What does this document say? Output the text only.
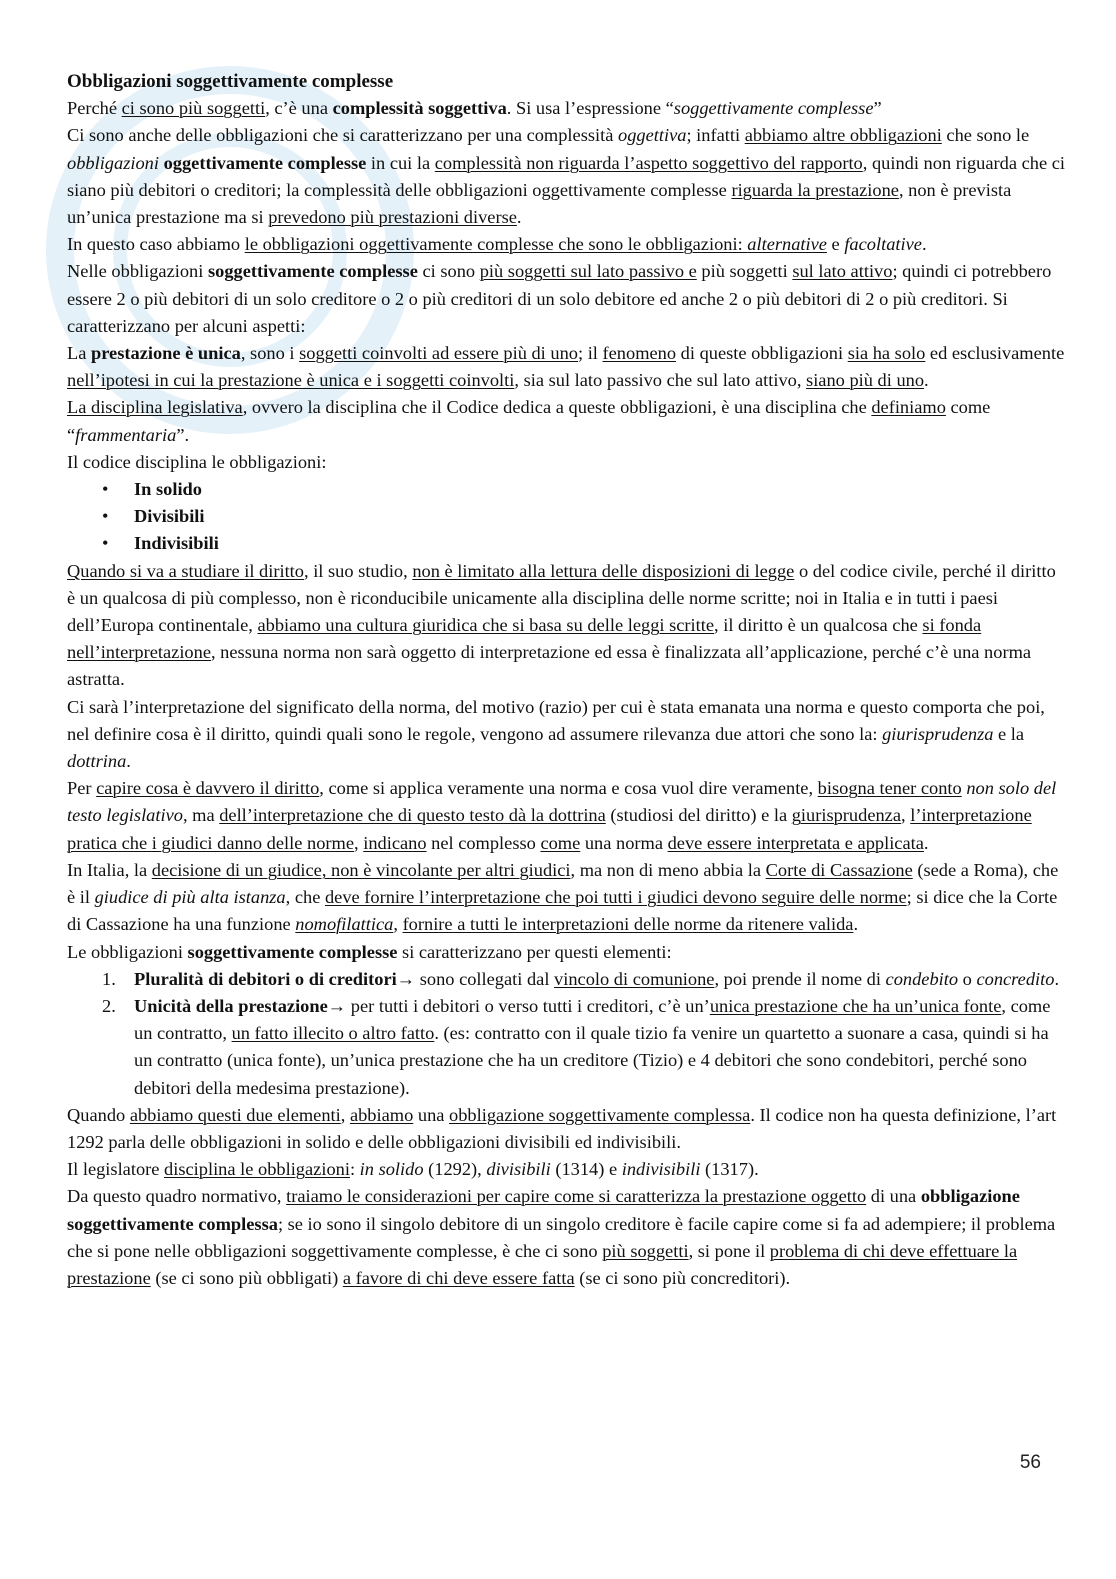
Obbligazioni soggettivamente complesse

Perché ci sono più soggetti, c’è una complessità soggettiva. Si usa l’espressione “soggettivamente complesse”

Ci sono anche delle obbligazioni che si caratterizzano per una complessità oggettiva; infatti abbiamo altre obbligazioni che sono le obbligazioni oggettivamente complesse in cui la complessità non riguarda l’aspetto soggettivo del rapporto, quindi non riguarda che ci siano più debitori o creditori; la complessità delle obbligazioni oggettivamente complesse riguarda la prestazione, non è prevista un’unica prestazione ma si prevedono più prestazioni diverse.

In questo caso abbiamo le obbligazioni oggettivamente complesse che sono le obbligazioni: alternative e facoltative.

Nelle obbligazioni soggettivamente complesse ci sono più soggetti sul lato passivo e più soggetti sul lato attivo; quindi ci potrebbero essere 2 o più debitori di un solo creditore o 2 o più creditori di un solo debitore ed anche 2 o più debitori di 2 o più creditori. Si caratterizzano per alcuni aspetti:

La prestazione è unica, sono i soggetti coinvolti ad essere più di uno; il fenomeno di queste obbligazioni sia ha solo ed esclusivamente nell’ipotesi in cui la prestazione è unica e i soggetti coinvolti, sia sul lato passivo che sul lato attivo, siano più di uno.

La disciplina legislativa, ovvero la disciplina che il Codice dedica a queste obbligazioni, è una disciplina che definiamo come “frammentaria”.

Il codice disciplina le obbligazioni:

• In solido
• Divisibili
• Indivisibili

Quando si va a studiare il diritto, il suo studio, non è limitato alla lettura delle disposizioni di legge o del codice civile, perché il diritto è un qualcosa di più complesso, non è riconducibile unicamente alla disciplina delle norme scritte; noi in Italia e in tutti i paesi dell’Europa continentale, abbiamo una cultura giuridica che si basa su delle leggi scritte, il diritto è un qualcosa che si fonda nell’interpretazione, nessuna norma non sarà oggetto di interpretazione ed essa è finalizzata all’applicazione, perché c’è una norma astratta.

Ci sarà l’interpretazione del significato della norma, del motivo (razio) per cui è stata emanata una norma e questo comporta che poi, nel definire cosa è il diritto, quindi quali sono le regole, vengono ad assumere rilevanza due attori che sono la: giurisprudenza e la dottrina.

Per capire cosa è davvero il diritto, come si applica veramente una norma e cosa vuol dire veramente, bisogna tener conto non solo del testo legislativo, ma dell’interpretazione che di questo testo dà la dottrina (studiosi del diritto) e la giurisprudenza, l’interpretazione pratica che i giudici danno delle norme, indicano nel complesso come una norma deve essere interpretata e applicata.

In Italia, la decisione di un giudice, non è vincolante per altri giudici, ma non di meno abbia la Corte di Cassazione (sede a Roma), che è il giudice di più alta istanza, che deve fornire l’interpretazione che poi tutti i giudici devono seguire delle norme; si dice che la Corte di Cassazione ha una funzione nomofilattica, fornire a tutti le interpretazioni delle norme da ritenere valida.

Le obbligazioni soggettivamente complesse si caratterizzano per questi elementi:

1. Pluralità di debitori o di creditori→ sono collegati dal vincolo di comunione, poi prende il nome di condebito o concredito.
2. Unicità della prestazione→ per tutti i debitori o verso tutti i creditori, c’è un’unica prestazione che ha un’unica fonte, come un contratto, un fatto illecito o altro fatto. (es: contratto con il quale tizio fa venire un quartetto a suonare a casa, quindi si ha un contratto (unica fonte), un’unica prestazione che ha un creditore (Tizio) e 4 debitori che sono condebitori, perché sono debitori della medesima prestazione).

Quando abbiamo questi due elementi, abbiamo una obbligazione soggettivamente complessa. Il codice non ha questa definizione, l’art 1292 parla delle obbligazioni in solido e delle obbligazioni divisibili ed indivisibili.

Il legislatore disciplina le obbligazioni: in solido (1292), divisibili (1314) e indivisibili (1317).

Da questo quadro normativo, traiamo le considerazioni per capire come si caratterizza la prestazione oggetto di una obbligazione soggettivamente complessa; se io sono il singolo debitore di un singolo creditore è facile capire come si fa ad adempiere; il problema che si pone nelle obbligazioni soggettivamente complesse, è che ci sono più soggetti, si pone il problema di chi deve effettuare la prestazione (se ci sono più obbligati) a favore di chi deve essere fatta (se ci sono più concreditori).

56
